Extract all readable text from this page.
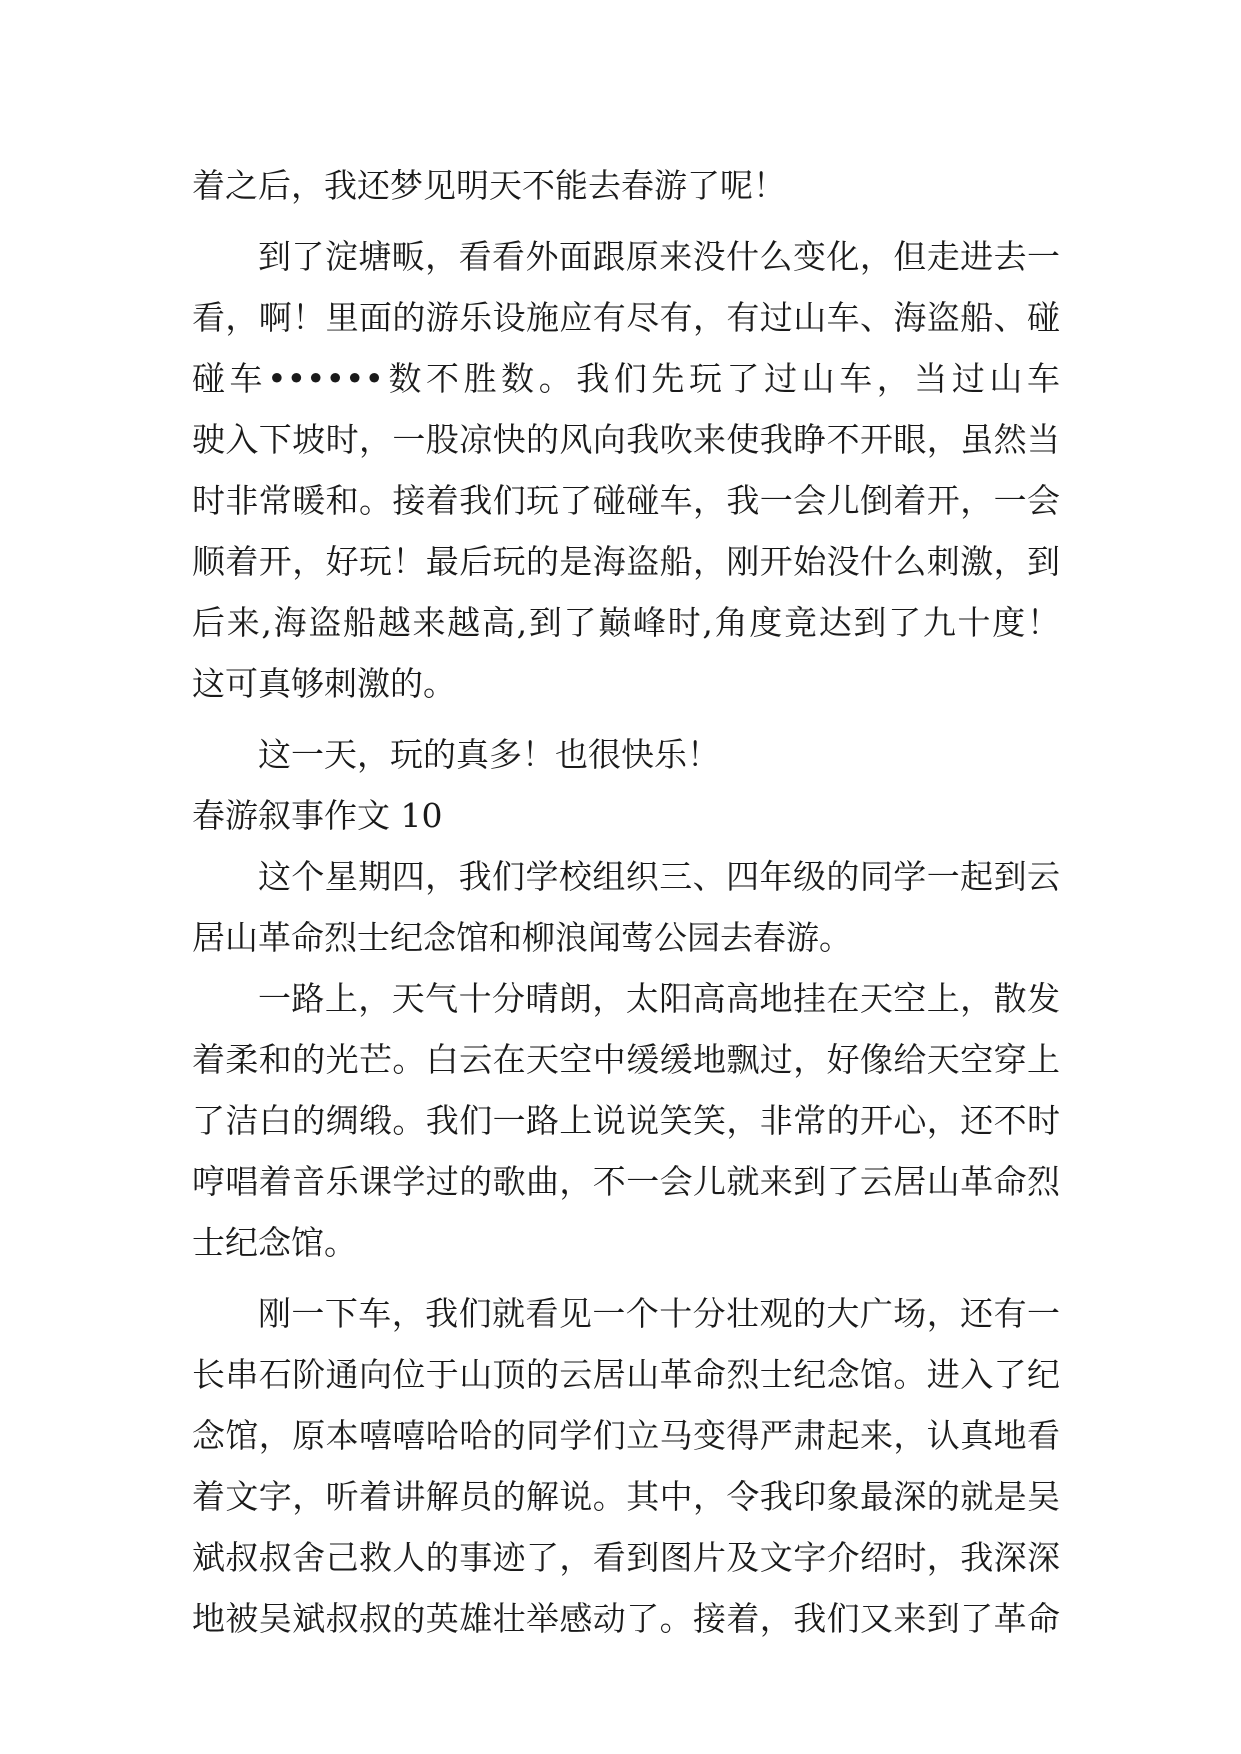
着之后，我还梦见明天不能去春游了呢！
到了淀塘畈，看看外面跟原来没什么变化，但走进去一
看，啊！里面的游乐设施应有尽有，有过山车、海盗船、碰
碰车••••••数不胜数。我们先玩了过山车，当过山车
驶入下坡时，一股凉快的风向我吹来使我睁不开眼，虽然当
时非常暖和。接着我们玩了碰碰车，我一会儿倒着开，一会
顺着开，好玩！最后玩的是海盗船，刚开始没什么刺激，到
后来,海盗船越来越高,到了巅峰时,角度竟达到了九十度！
这可真够刺激的。
这一天，玩的真多！也很快乐！
春游叙事作文 10
这个星期四，我们学校组织三、四年级的同学一起到云
居山革命烈士纪念馆和柳浪闻莺公园去春游。
一路上，天气十分晴朗，太阳高高地挂在天空上，散发
着柔和的光芒。白云在天空中缓缓地飘过，好像给天空穿上
了洁白的绸缎。我们一路上说说笑笑，非常的开心，还不时
哼唱着音乐课学过的歌曲，不一会儿就来到了云居山革命烈
士纪念馆。
刚一下车，我们就看见一个十分壮观的大广场，还有一
长串石阶通向位于山顶的云居山革命烈士纪念馆。进入了纪
念馆，原本嘻嘻哈哈的同学们立马变得严肃起来，认真地看
着文字，听着讲解员的解说。其中，令我印象最深的就是吴
斌叔叔舍己救人的事迹了，看到图片及文字介绍时，我深深
地被吴斌叔叔的英雄壮举感动了。接着，我们又来到了革命
